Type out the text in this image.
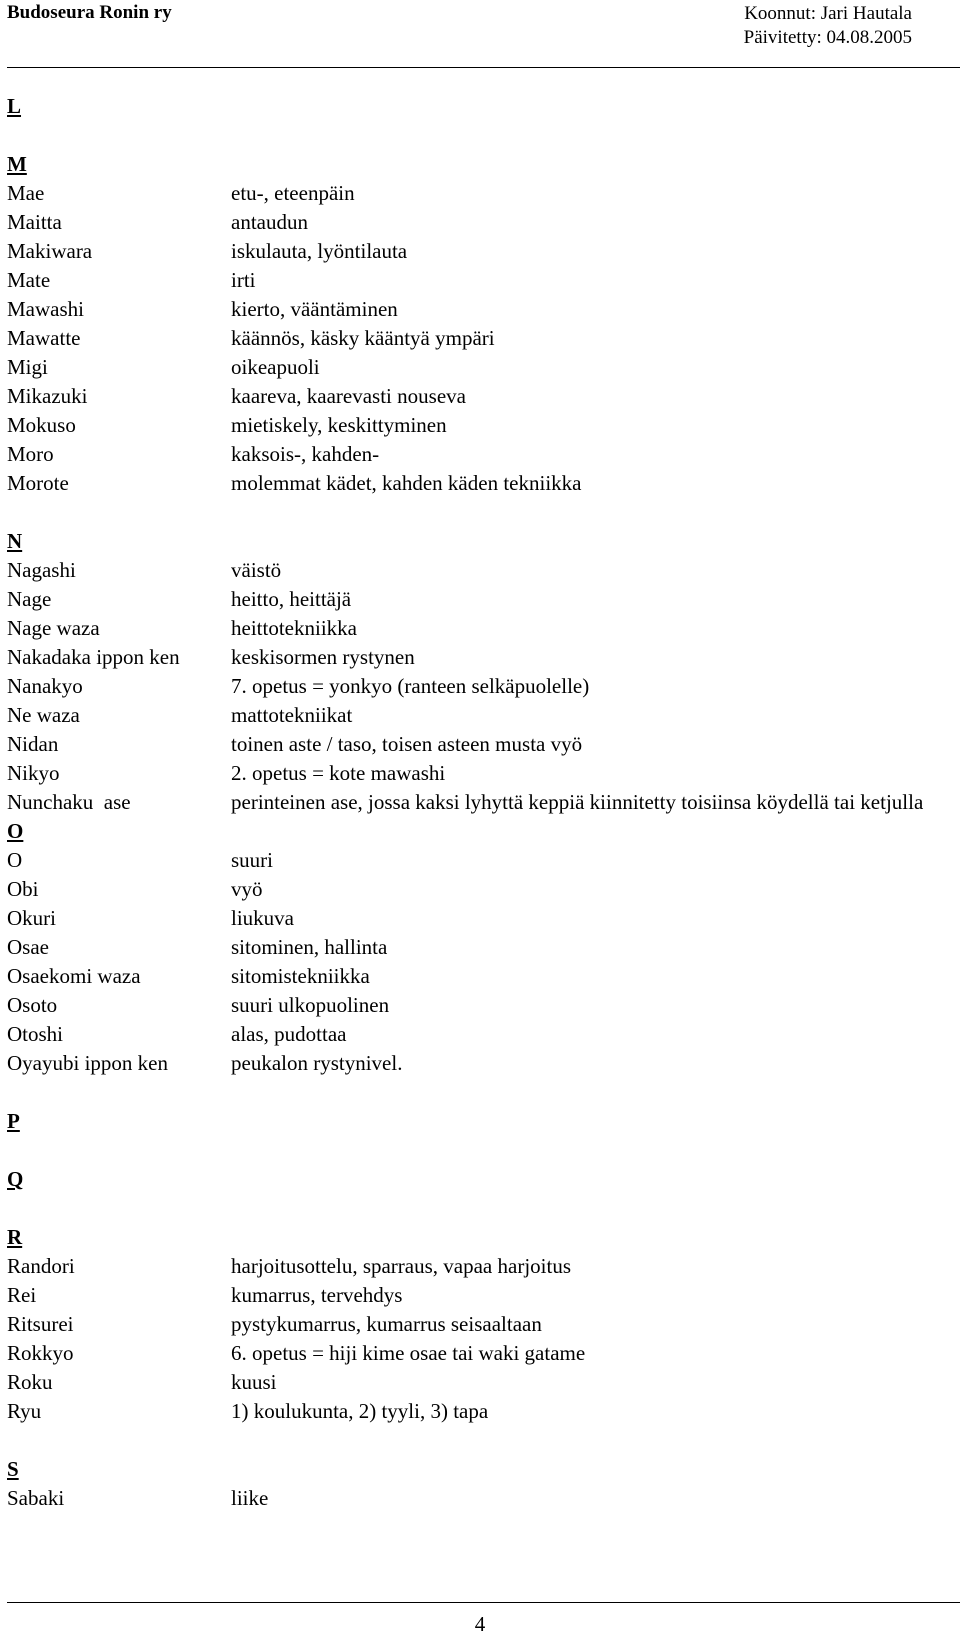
Budoseura Ronin ry	Koonnut: Jari Hautala
Päivitetty: 04.08.2005
L
M
Mae	etu-, eteenpäin
Maitta	antaudun
Makiwara	iskulauta, lyöntilauta
Mate	irti
Mawashi	kierto, vääntäminen
Mawatte	käännös, käsky kääntyä ympäri
Migi	oikeapuoli
Mikazuki	kaareva, kaarevasti nouseva
Mokuso	mietiskely, keskittyminen
Moro	kaksois-, kahden-
Morote	molemmat kädet, kahden käden tekniikka
N
Nagashi	väistö
Nage	heitto, heittäjä
Nage waza	heittotekniikka
Nakadaka ippon ken	keskisormen rystynen
Nanakyo	7. opetus = yonkyo (ranteen selkäpuolelle)
Ne waza	mattotekniikat
Nidan	toinen aste / taso, toisen asteen musta vyö
Nikyo	2. opetus = kote mawashi
Nunchaku  ase	perinteinen ase, jossa kaksi lyhyttä keppiä kiinnitetty toisiinsa köydellä tai ketjulla
O
O	suuri
Obi	vyö
Okuri	liukuva
Osae	sitominen, hallinta
Osaekomi waza	sitomistekniikka
Osoto	suuri ulkopuolinen
Otoshi	alas, pudottaa
Oyayubi ippon ken	peukalon rystynivel.
P
Q
R
Randori	harjoitusottelu, sparraus, vapaa harjoitus
Rei	kumarrus, tervehdys
Ritsurei	pystykumarrus, kumarrus seisaaltaan
Rokkyo	6. opetus = hiji kime osae tai waki gatame
Roku	kuusi
Ryu	1) koulukunta, 2) tyyli, 3) tapa
S
Sabaki	liike
4
